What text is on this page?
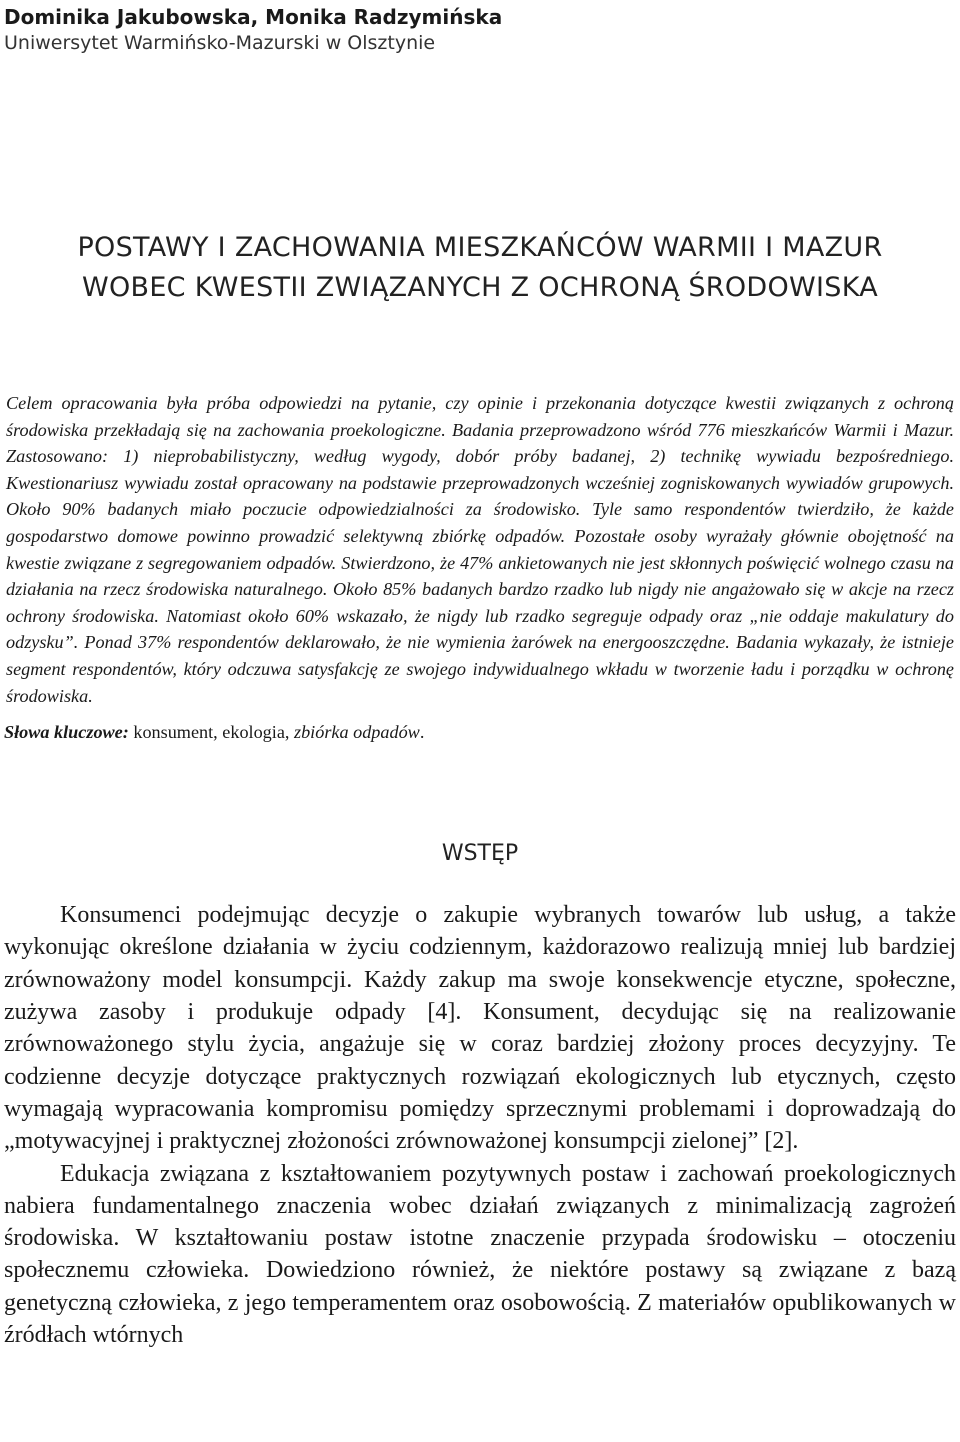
Dominika Jakubowska, Monika Radzymińska

Uniwersytet Warmińsko-Mazurski w Olsztynie

POSTAWY I ZACHOWANIA MIESZKAŃCÓW WARMII I MAZUR
WOBEC KWESTII ZWIĄZANYCH Z OCHRONĄ ŚRODOWISKA

Celem opracowania była próba odpowiedzi na pytanie, czy opinie i przekonania dotyczące kwestii związanych z ochroną środowiska przekładają się na zachowania proekologiczne. Badania przeprowadzono wśród 776 mieszkańców Warmii i Mazur. Zastosowano: 1) nieprobabilistyczny, według wygody, dobór próby badanej, 2) technikę wywiadu bezpośredniego. Kwestionariusz wywiadu został opracowany na podstawie przeprowadzonych wcześniej zogniskowanych wywiadów grupowych. Około 90% badanych miało poczucie odpowiedzialności za środowisko. Tyle samo respondentów twierdziło, że każde gospodarstwo domowe powinno prowadzić selektywną zbiórkę odpadów. Pozostałe osoby wyrażały głównie obojętność na kwestie związane z segregowaniem odpadów. Stwierdzono, że 47% ankietowanych nie jest skłonnych poświęcić wolnego czasu na działania na rzecz środowiska naturalnego. Około 85% badanych bardzo rzadko lub nigdy nie angażowało się w akcje na rzecz ochrony środowiska. Natomiast około 60% wskazało, że nigdy lub rzadko segreguje odpady oraz „nie oddaje makulatury do odzysku”. Ponad 37% respondentów deklarowało, że nie wymienia żarówek na energooszczędne. Badania wykazały, że istnieje segment respondentów, który odczuwa satysfakcję ze swojego indywidualnego wkładu w tworzenie ładu i porządku w ochronę środowiska.

Słowa kluczowe: konsument, ekologia, zbiórka odpadów.
WSTĘP

Konsumenci podejmując decyzje o zakupie wybranych towarów lub usług, a także wykonując określone działania w życiu codziennym, każdorazowo realizują mniej lub bardziej zrównoważony model konsumpcji. Każdy zakup ma swoje konsekwencje etyczne, społeczne, zużywa zasoby i produkuje odpady [4]. Konsument, decydując się na realizowanie zrównoważonego stylu życia, angażuje się w coraz bardziej złożony proces decyzyjny. Te codzienne decyzje dotyczące praktycznych rozwiązań ekologicznych lub etycznych, często wymagają wypracowania kompromisu pomiędzy sprzecznymi problemami i doprowadzają do „motywacyjnej i praktycznej złożoności zrównoważonej konsumpcji zielonej” [2].

Edukacja związana z kształtowaniem pozytywnych postaw i zachowań proekologicznych nabiera fundamentalnego znaczenia wobec działań związanych z minimalizacją zagrożeń środowiska. W kształtowaniu postaw istotne znaczenie przypada środowisku – otoczeniu społecznemu człowieka. Dowiedziono również, że niektóre postawy są związane z bazą genetyczną człowieka, z jego temperamentem oraz osobowością. Z materiałów opublikowanych w źródłach wtórnych
